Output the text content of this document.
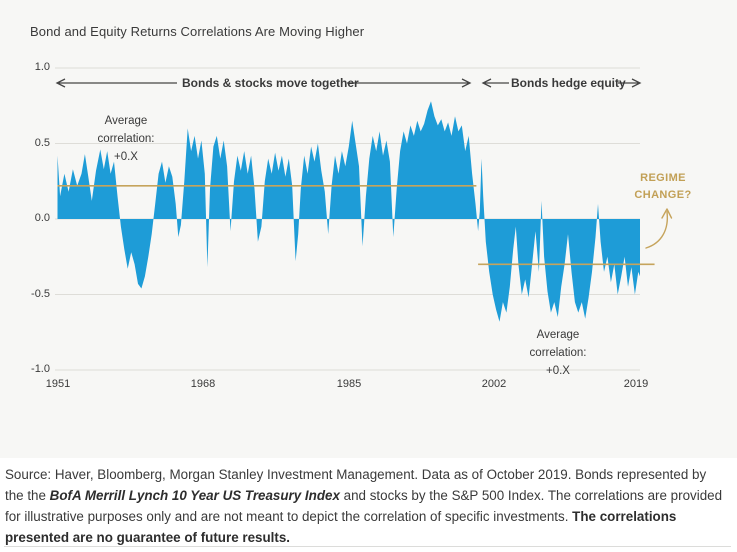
Bond and Equity Returns Correlations Are Moving Higher
1.0
0.5
0.0
-0.5
-1.0
1951	1968	1985	2002	2019
Bonds & stocks move together	Bonds hedge equity
Average
correlation:
+0.X
Average
correlation:
+0.X
REGIME
CHANGE?
Source: Haver, Bloomberg, Morgan Stanley Investment Management. Data as of October 2019. Bonds represented by the the BofA Merrill Lynch 10 Year US Treasury Index and stocks by the S&P 500 Index. The correlations are provided for illustrative purposes only and are not meant to depict the correlation of specific investments. The correlations presented are no guarantee of future results.
